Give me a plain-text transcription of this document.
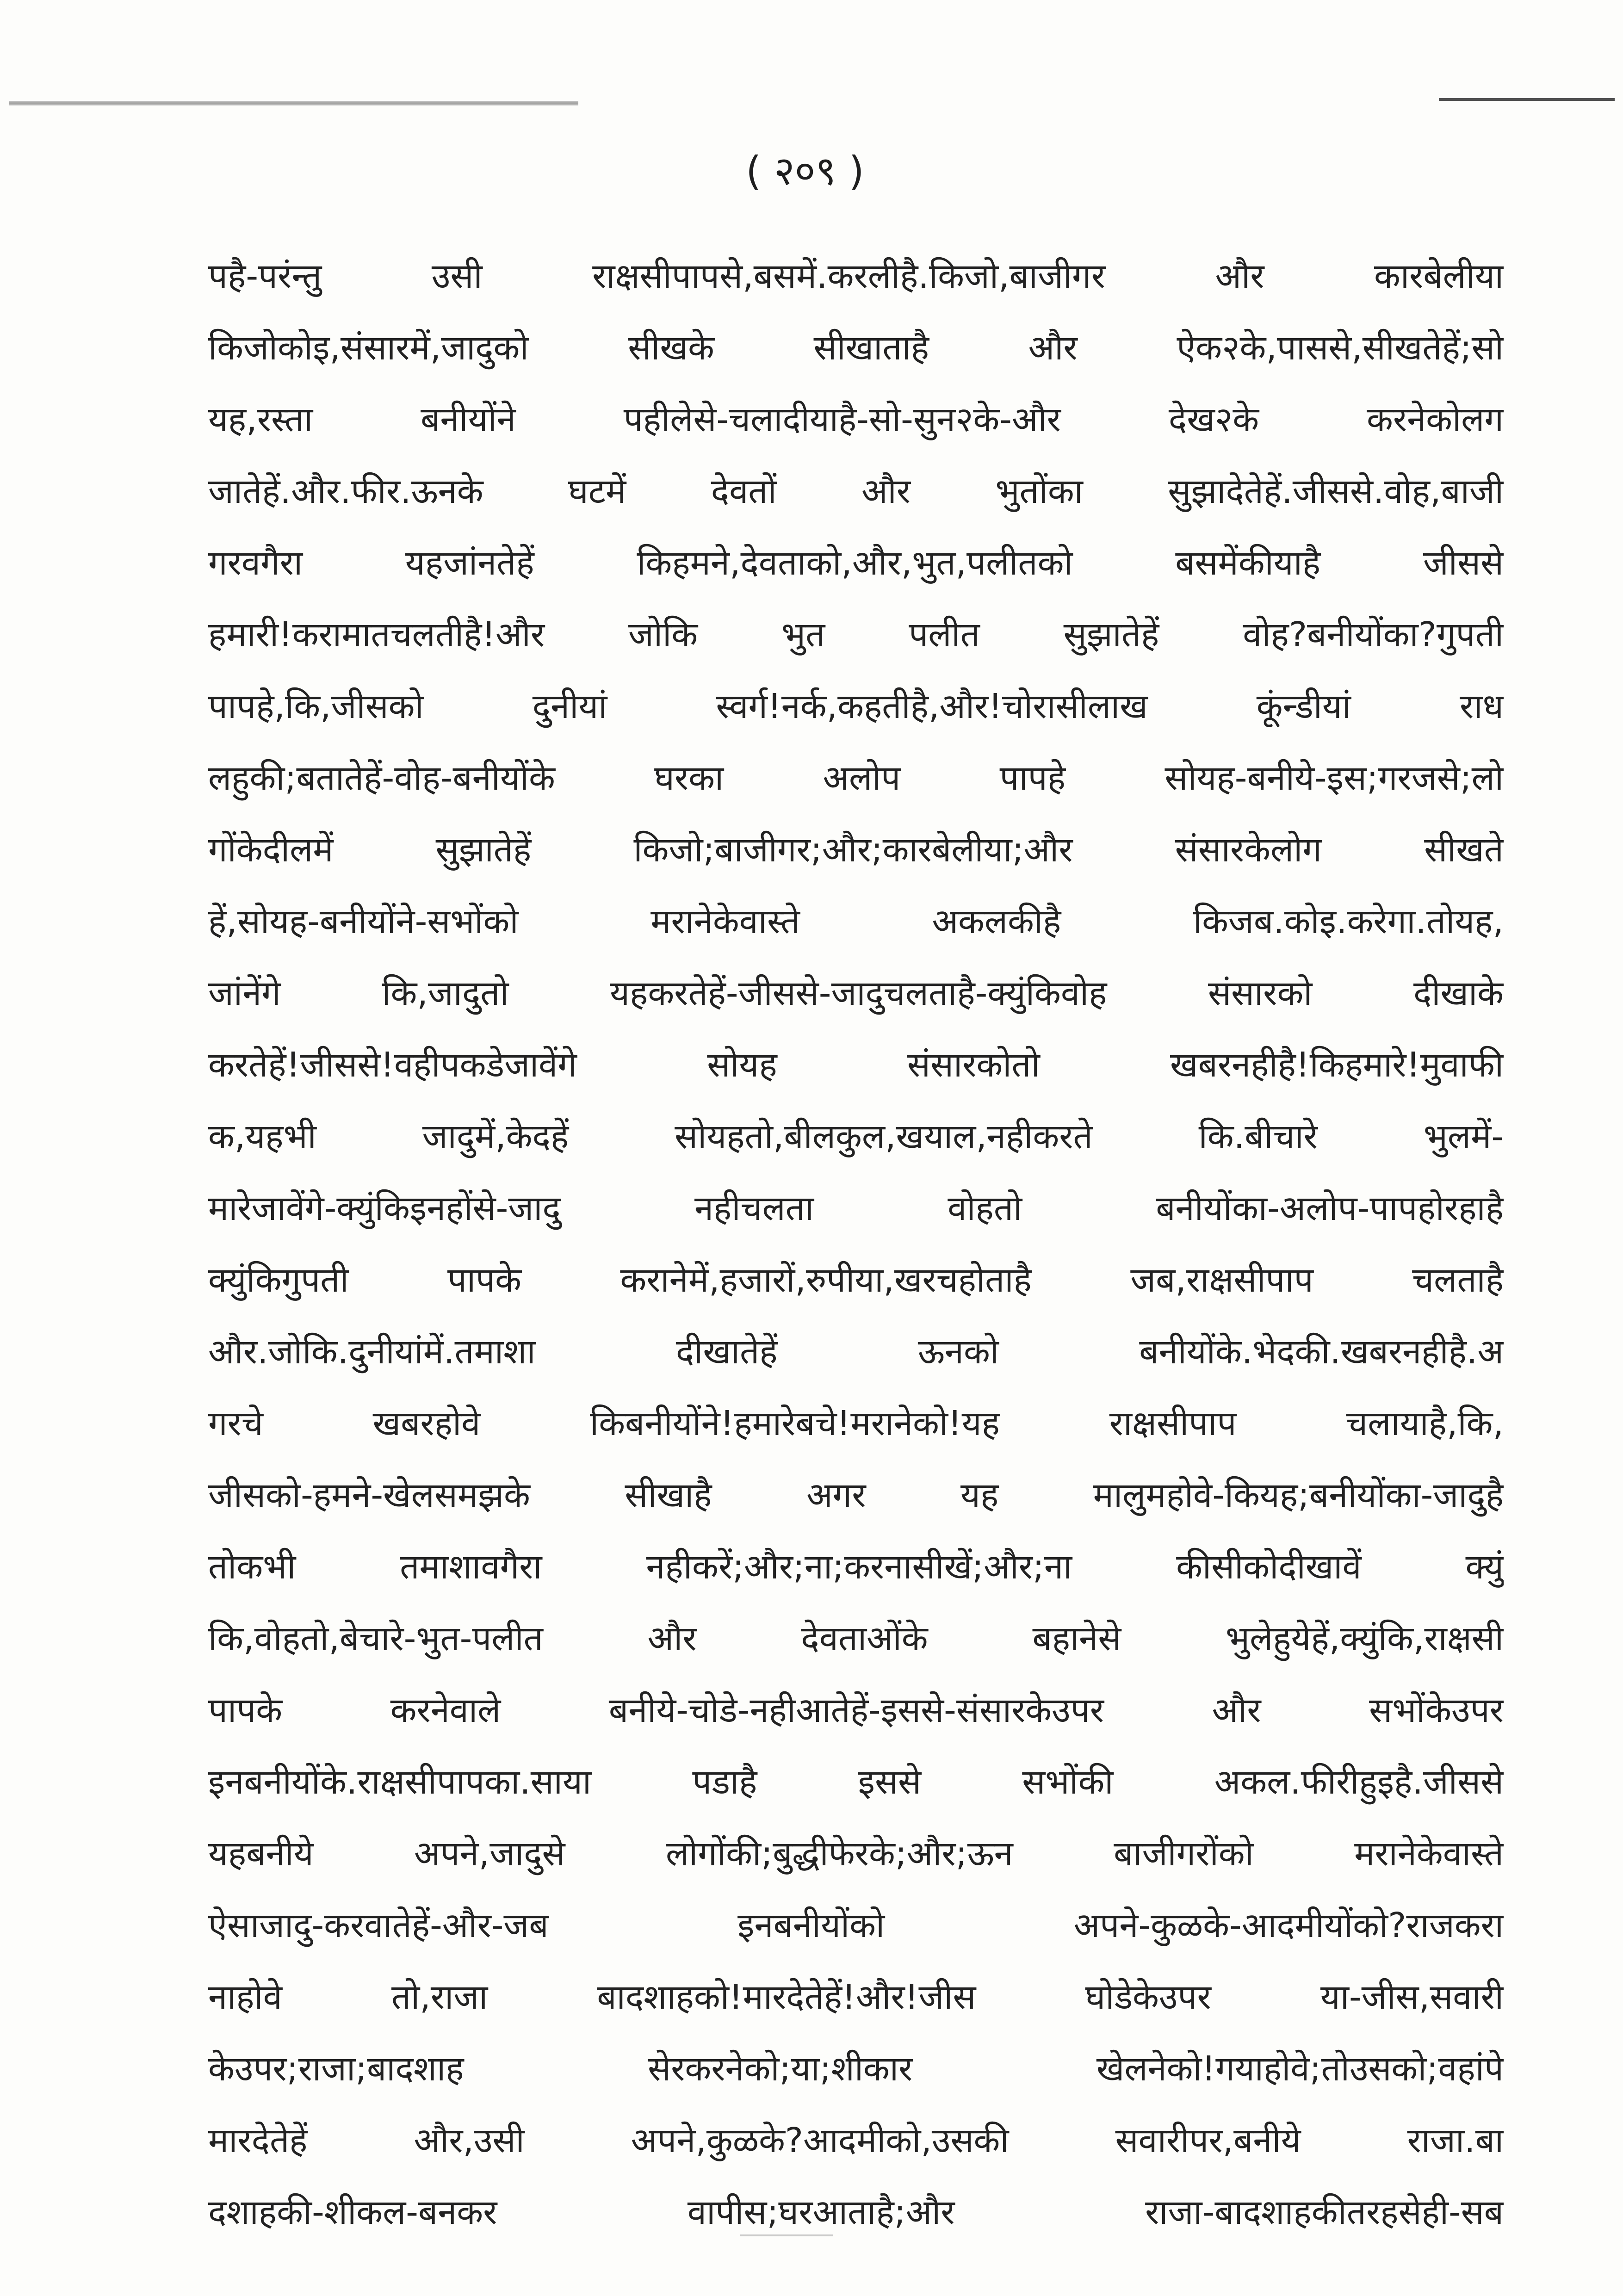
( २०९ )
पहै-परंन्तु उसी राक्षसीपापसे,बसमें.करलीहै.किजो,बाजीगर और कारबेलीया
किजोकोइ,संसारमें,जादुको सीखके सीखाताहै और ऐक२के,पाससे,सीखतेहें;सो
यह,रस्ता बनीयोंने पहीलेसे-चलादीयाहै-सो-सुन२के-और देख२के करनेकोलग
जातेहें.और.फीर.ऊनके घटमें देवतों और भुतोंका सुझादेतेहें.जीससे.वोह,बाजी
गरवगैरा यहजांनतेहें किहमने,देवताको,और,भुत,पलीतको बसमेंकीयाहै जीससे
हमारी!करामातचलतीहै!और जोकि भुत पलीत सुझातेहें वोह?बनीयोंका?गुपती
पापहे,कि,जीसको दुनीयां स्वर्ग!नर्क,कहतीहै,और!चोरासीलाख कूंन्डीयां राध
लहुकी;बतातेहें-वोह-बनीयोंके घरका अलोप पापहे सोयह-बनीये-इस;गरजसे;लो
गोंकेदीलमें सुझातेहें किजो;बाजीगर;और;कारबेलीया;और संसारकेलोग सीखते
हें,सोयह-बनीयोंने-सभोंको मरानेकेवास्ते अकलकीहै किजब.कोइ.करेगा.तोयह,
जांनेंगे कि,जादुतो यहकरतेहें-जीससे-जादुचलताहै-क्युंकिवोह संसारको दीखाके
करतेहें!जीससे!वहीपकडेजावेंगे सोयह संसारकोतो खबरनहीहै!किहमारे!मुवाफी
क,यहभी जादुमें,केदहें सोयहतो,बीलकुल,खयाल,नहीकरते कि.बीचारे भुलमें-
मारेजावेंगे-क्युंकिइनहोंसे-जादु नहीचलता वोहतो बनीयोंका-अलोप-पापहोरहाहै
क्युंकिगुपती पापके करानेमें,हजारों,रुपीया,खरचहोताहै जब,राक्षसीपाप चलताहै
और.जोकि.दुनीयांमें.तमाशा दीखातेहें ऊनको बनीयोंके.भेदकी.खबरनहीहै.अ
गरचे खबरहोवे किबनीयोंने!हमारेबचे!मरानेको!यह राक्षसीपाप चलायाहै,कि,
जीसको-हमने-खेलसमझके सीखाहै अगर यह मालुमहोवे-कियह;बनीयोंका-जादुहै
तोकभी तमाशावगैरा नहीकरें;और;ना;करनासीखें;और;ना कीसीकोदीखावें क्युं
कि,वोहतो,बेचारे-भुत-पलीत और देवताओंके बहानेसे भुलेहुयेहें,क्युंकि,राक्षसी
पापके करनेवाले बनीये-चोडे-नहीआतेहें-इससे-संसारकेउपर और सभोंकेउपर
इनबनीयोंके.राक्षसीपापका.साया पडाहै इससे सभोंकी अकल.फीरीहुइहै.जीससे
यहबनीये अपने,जादुसे लोगोंकी;बुद्धीफेरके;और;ऊन बाजीगरोंको मरानेकेवास्ते
ऐसाजादु-करवातेहें-और-जब इनबनीयोंको अपने-कुळके-आदमीयोंको?राजकरा
नाहोवे तो,राजा बादशाहको!मारदेतेहें!और!जीस घोडेकेउपर या-जीस,सवारी
केउपर;राजा;बादशाह सेरकरनेको;या;शीकार खेलनेको!गयाहोवे;तोउसको;वहांपे
मारदेतेहें और,उसी अपने,कुळके?आदमीको,उसकी सवारीपर,बनीये राजा.बा
दशाहकी-शीकल-बनकर वापीस;घरआताहै;और राजा-बादशाहकीतरहसेही-सब
